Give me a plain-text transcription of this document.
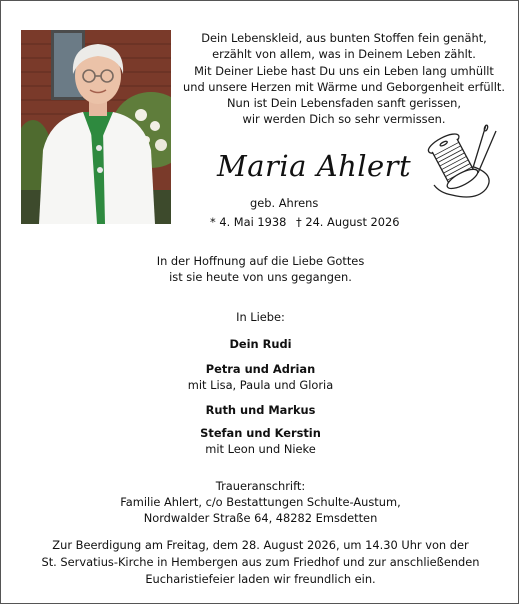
Dein Lebenskleid, aus bunten Stoffen fein genäht,
erzählt von allem, was in Deinem Leben zählt.
Mit Deiner Liebe hast Du uns ein Leben lang umhüllt
und unsere Herzen mit Wärme und Geborgenheit erfüllt.
Nun ist Dein Lebensfaden sanft gerissen,
wir werden Dich so sehr vermissen.
Maria Ahlert
geb. Ahrens
* 4. Mai 1938 † 24. August 2026
In der Hoffnung auf die Liebe Gottes
ist sie heute von uns gegangen.
In Liebe:
Dein Rudi
Petra und Adrian
mit Lisa, Paula und Gloria
Ruth und Markus
Stefan und Kerstin
mit Leon und Nieke
Traueranschrift:
Familie Ahlert, c/o Bestattungen Schulte-Austum,
Nordwalder Straße 64, 48282 Emsdetten
Zur Beerdigung am Freitag, dem 28. August 2026, um 14.30 Uhr von der
St. Servatius-Kirche in Hembergen aus zum Friedhof und zur anschließenden
Eucharistiefeier laden wir freundlich ein.
